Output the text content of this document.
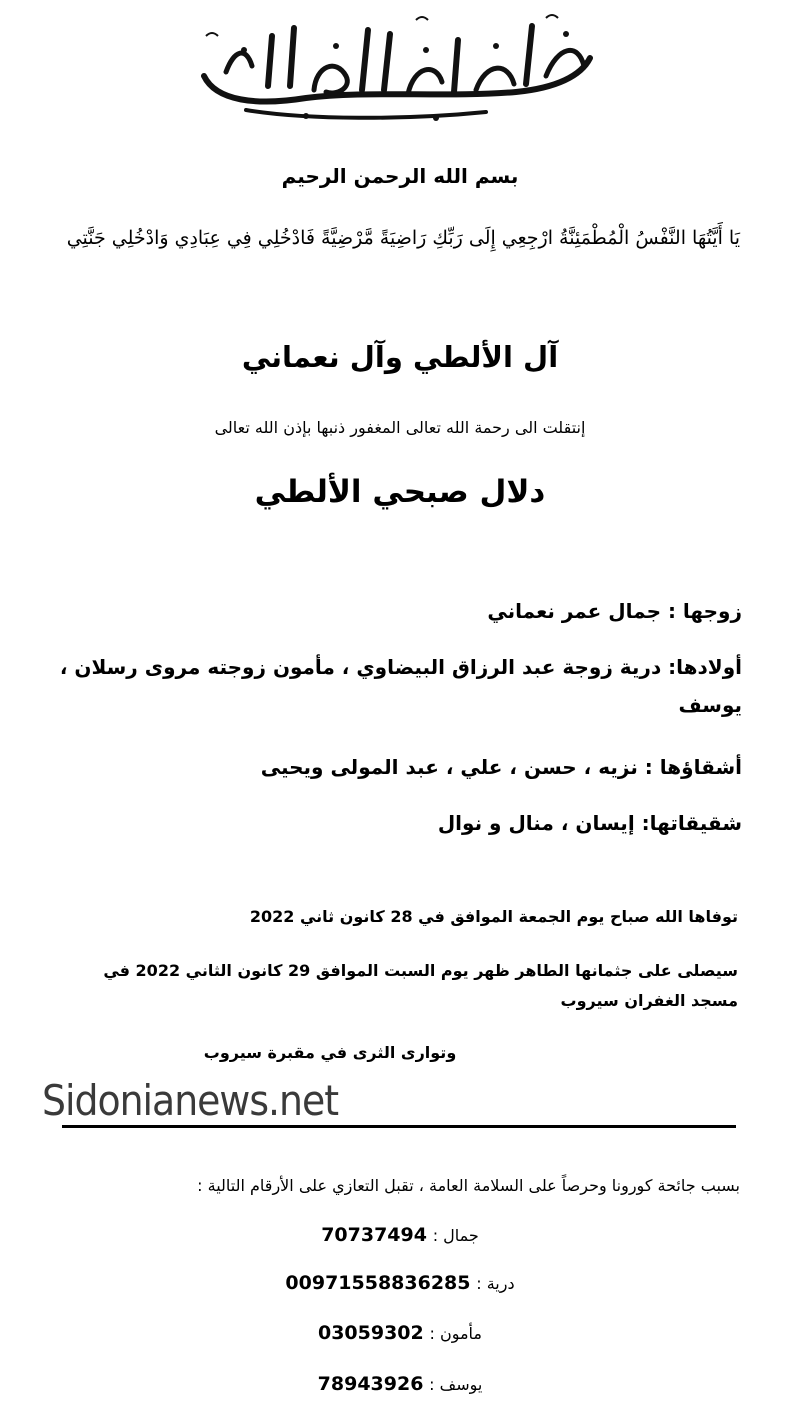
بسم الله الرحمن الرحيم
يَا أَيَّتُهَا النَّفْسُ الْمُطْمَئِنَّةُ ارْجِعِي إِلَى رَبِّكِ رَاضِيَةً مَّرْضِيَّةً فَادْخُلِي فِي عِبَادِي وَادْخُلِي جَنَّتِي
آل الألطي وآل نعماني
إنتقلت الى رحمة الله تعالى المغفور ذنبها بإذن الله تعالى
دلال صبحي الألطي
زوجها : جمال عمر نعماني
أولادها: درية زوجة عبد الرزاق البيضاوي ، مأمون زوجته مروى رسلان ، يوسف
أشقاؤها : نزيه ، حسن ، علي ، عبد المولى ويحيى
شقيقاتها: إيسان ، منال و نوال
توفاها الله صباح يوم الجمعة الموافق في 28 كانون ثاني 2022
سيصلى على جثمانها الطاهر ظهر يوم السبت الموافق 29 كانون الثاني 2022 في مسجد الغفران سيروب
وتوارى الثرى في مقبرة سيروب
Sidonianews.net
بسبب جائحة كورونا وحرصاً على السلامة العامة ، تقبل التعازي على الأرقام التالية :
جمال : 70737494
درية : 00971558836285
مأمون : 03059302
يوسف : 78943926
